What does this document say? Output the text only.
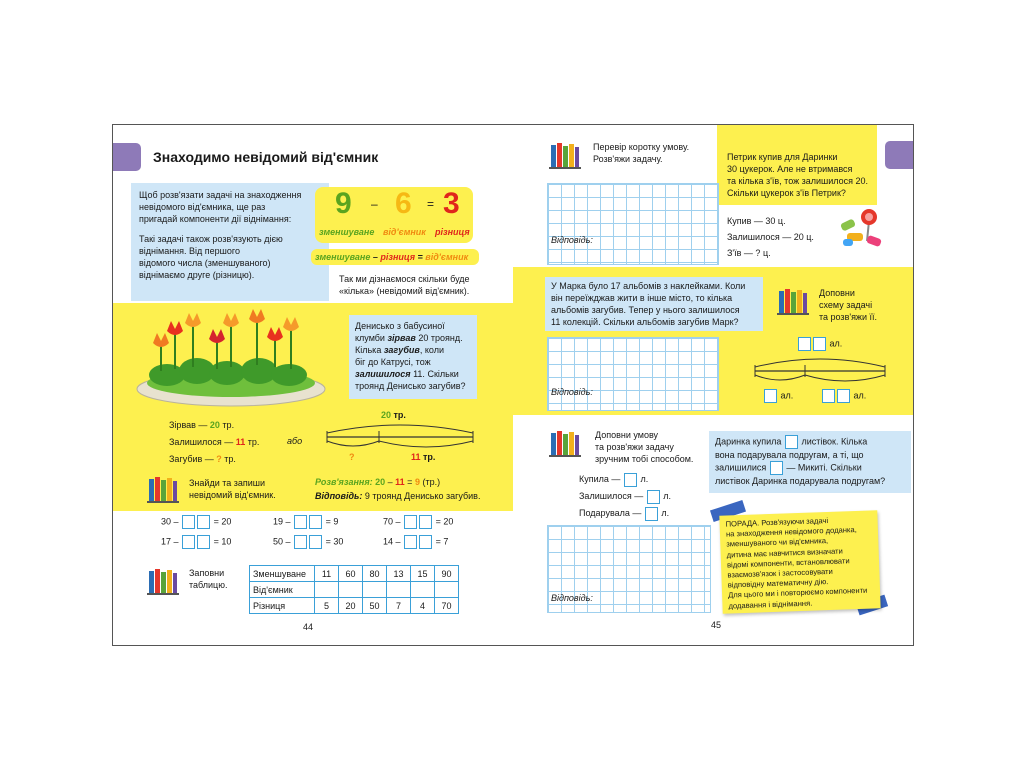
Знаходимо невідомий від'ємник
Щоб розв'язати задачі на знаходження
невідомого від'ємника, ще раз
пригадай компоненти дії віднімання:
Такі задачі також розв'язують дією
віднімання. Від першого
відомого числа (зменшуваного)
віднімаємо друге (різницю).
9 – 6 = 3
зменшуване від'ємник різниця
зменшуване – різниця = від'ємник
Так ми дізнаємося скільки буде
«кілька» (невідомий від'ємник).
Денисько з бабусиної
клумби зірвав 20 троянд.
Кілька загубив, коли
біг до Катрусі, тож
залишилося 11. Скільки
троянд Денисько загубив?
Зірвав — 20 тр.
Залишилося — 11 тр.
Загубив — ? тр.
або
20 тр.
?	11 тр.
Розв'язання: 20 – 11 = 9 (тр.)
Відповідь: 9 троянд Денисько загубив.
Знайди та запиши
невідомий від'ємник.
30 –	= 20	19 –	= 9	70 –	= 20
17 –	= 10	50 –	= 30	14 –	= 7
Заповни
таблицю.
Зменшуване	11	60	80	13	15	90
Від'ємник						
Різниця	5	20	50	7	4	70
44
Перевір коротку умову.
Розв'яжи задачу.	Петрик купив для Даринки
30 цукерок. Але не втримався
та кілька з'їв, тож залишилося 20.
Скільки цукерок з'їв Петрик?
Відповідь:
Купив — 30 ц.
Залишилося — 20 ц.
З'їв — ? ц.
У Марка було 17 альбомів з наклейками. Коли
він переїжджав жити в інше місто, то кілька
альбомів загубив. Тепер у нього залишилося
11 колекцій. Скільки альбомів загубив Марк?
Доповни
схему задачі
та розв'яжи її.
Відповідь:
ал.
ал.	ал.
Доповни умову
та розв'яжи задачу
зручним тобі способом.
Даринка купила  листівок. Кілька
вона подарувала подругам, а ті, що
залишилися  — Микиті. Скільки
листівок Даринка подарувала подругам?
Купила — л.
Залишилося — л.
Подарувала — л.
Відповідь:
ПОРАДА. Розв'язуючи задачі
на знаходження невідомого доданка,
зменшуваного чи від'ємника,
дитина має навчитися визначати
відомі компоненти, встановлювати
взаємозв'язок і застосовувати
відповідну математичну дію.
Для цього ми і повторюємо компоненти
додавання і віднімання.
45
